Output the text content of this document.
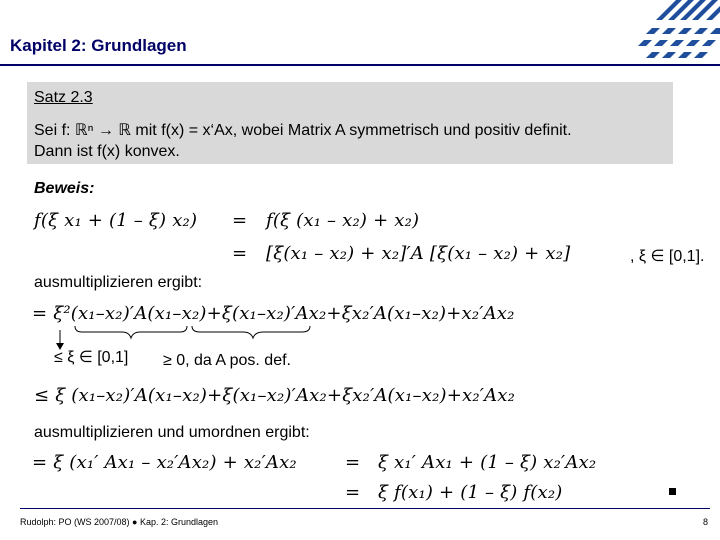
Kapitel 2: Grundlagen
Satz 2.3
Sei f: ℝⁿ → ℝ mit f(x) = x‘Ax, wobei Matrix A symmetrisch und positiv definit.
Dann ist f(x) konvex.
Beweis:
f(ξ x₁ + (1 – ξ) x₂) = f(ξ (x₁ – x₂) + x₂)
= [ξ(x₁ – x₂) + x₂]′A [ξ(x₁ – x₂) + x₂]	, ξ ∈ [0,1].
ausmultiplizieren ergibt:
= ξ²(x₁–x₂)′A(x₁–x₂)+ξ(x₁–x₂)′Ax₂+ξx₂′A(x₁–x₂)+x₂′Ax₂
≤ ξ ∈ [0,1] ≥ 0, da A pos. def.
≤ ξ (x₁–x₂)′A(x₁–x₂)+ξ(x₁–x₂)′Ax₂+ξx₂′A(x₁–x₂)+x₂′Ax₂
ausmultiplizieren und umordnen ergibt:
= ξ (x₁′ Ax₁ – x₂′Ax₂) + x₂′Ax₂	= ξ x₁′ Ax₁ + (1 – ξ) x₂′Ax₂
= ξ f(x₁) + (1 – ξ) f(x₂)
Rudolph: PO (WS 2007/08) ● Kap. 2: Grundlagen	8
